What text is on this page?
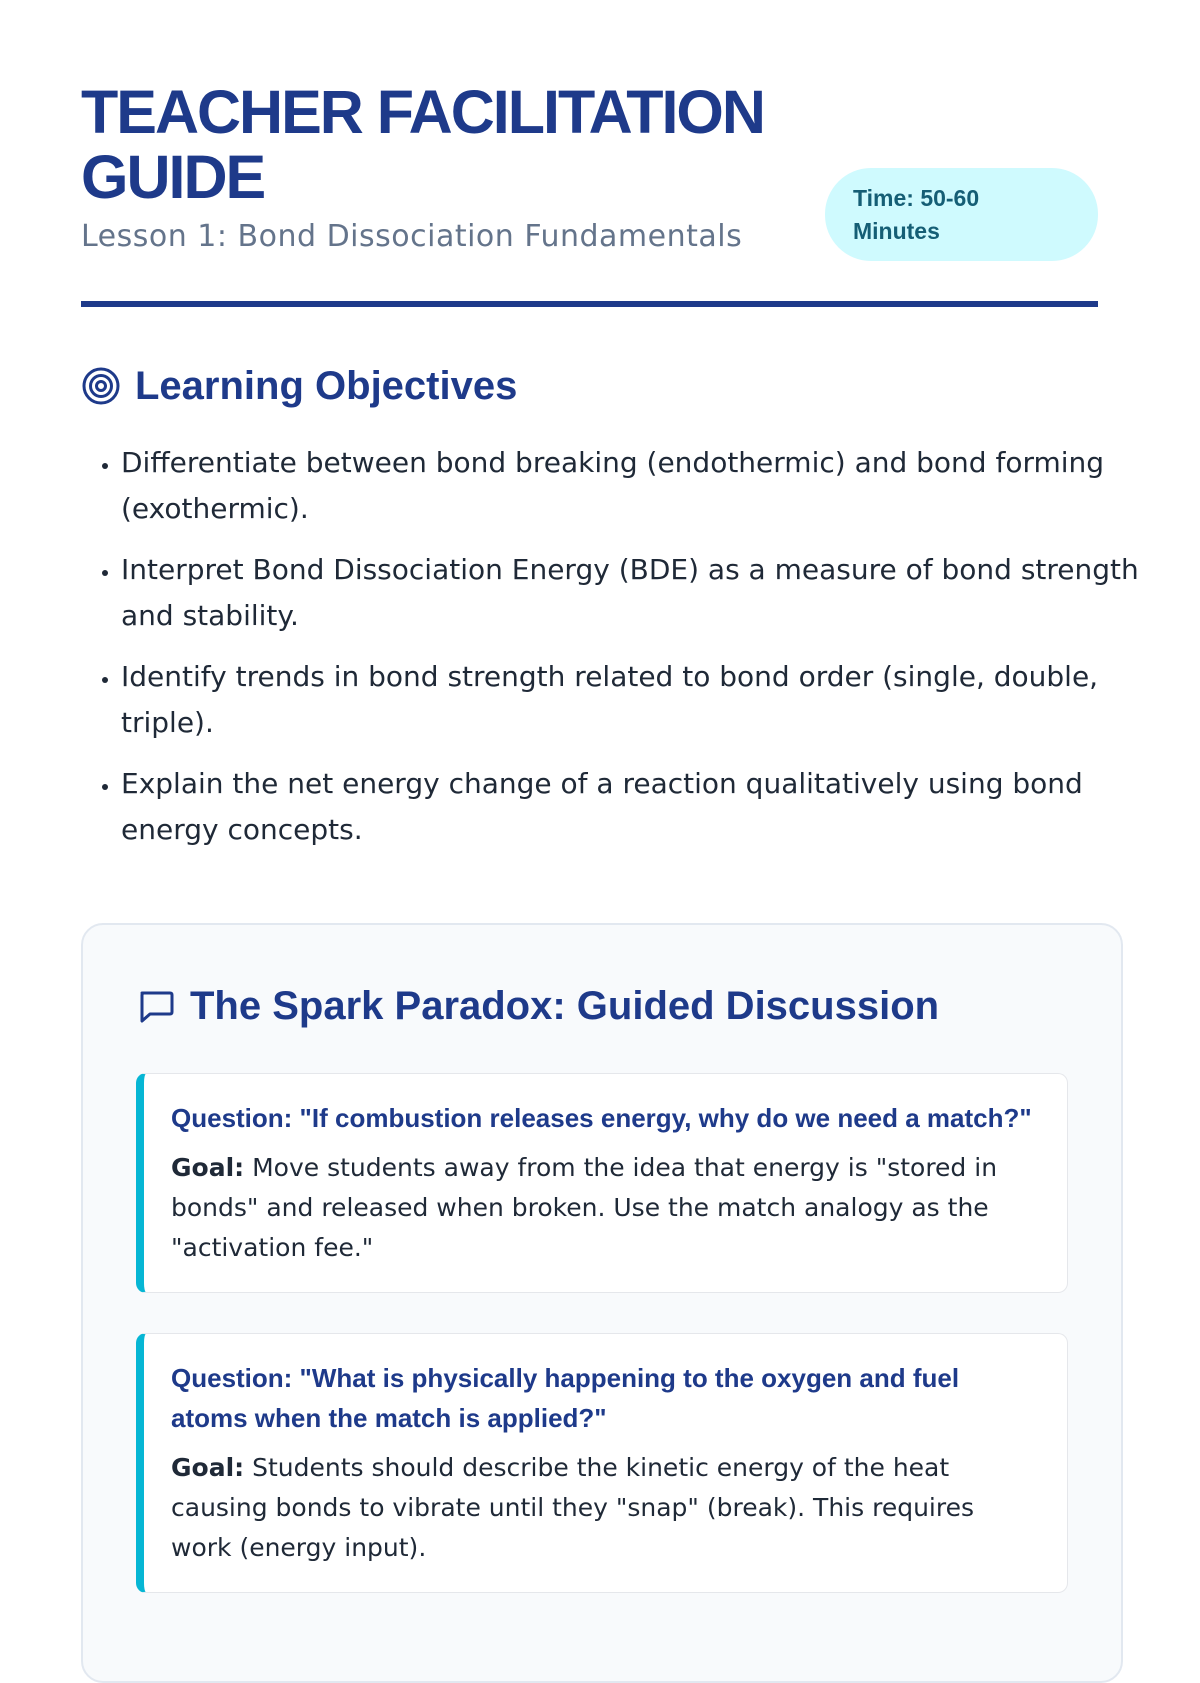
TEACHER FACILITATION GUIDE
Lesson 1: Bond Dissociation Fundamentals
Time: 50-60 Minutes
Learning Objectives
• Differentiate between bond breaking (endothermic) and bond forming (exothermic).
• Interpret Bond Dissociation Energy (BDE) as a measure of bond strength and stability.
• Identify trends in bond strength related to bond order (single, double, triple).
• Explain the net energy change of a reaction qualitatively using bond energy concepts.
The Spark Paradox: Guided Discussion
Question: "If combustion releases energy, why do we need a match?"
Goal: Move students away from the idea that energy is "stored in bonds" and released when broken. Use the match analogy as the "activation fee."
Question: "What is physically happening to the oxygen and fuel atoms when the match is applied?"
Goal: Students should describe the kinetic energy of the heat causing bonds to vibrate until they "snap" (break). This requires work (energy input).
